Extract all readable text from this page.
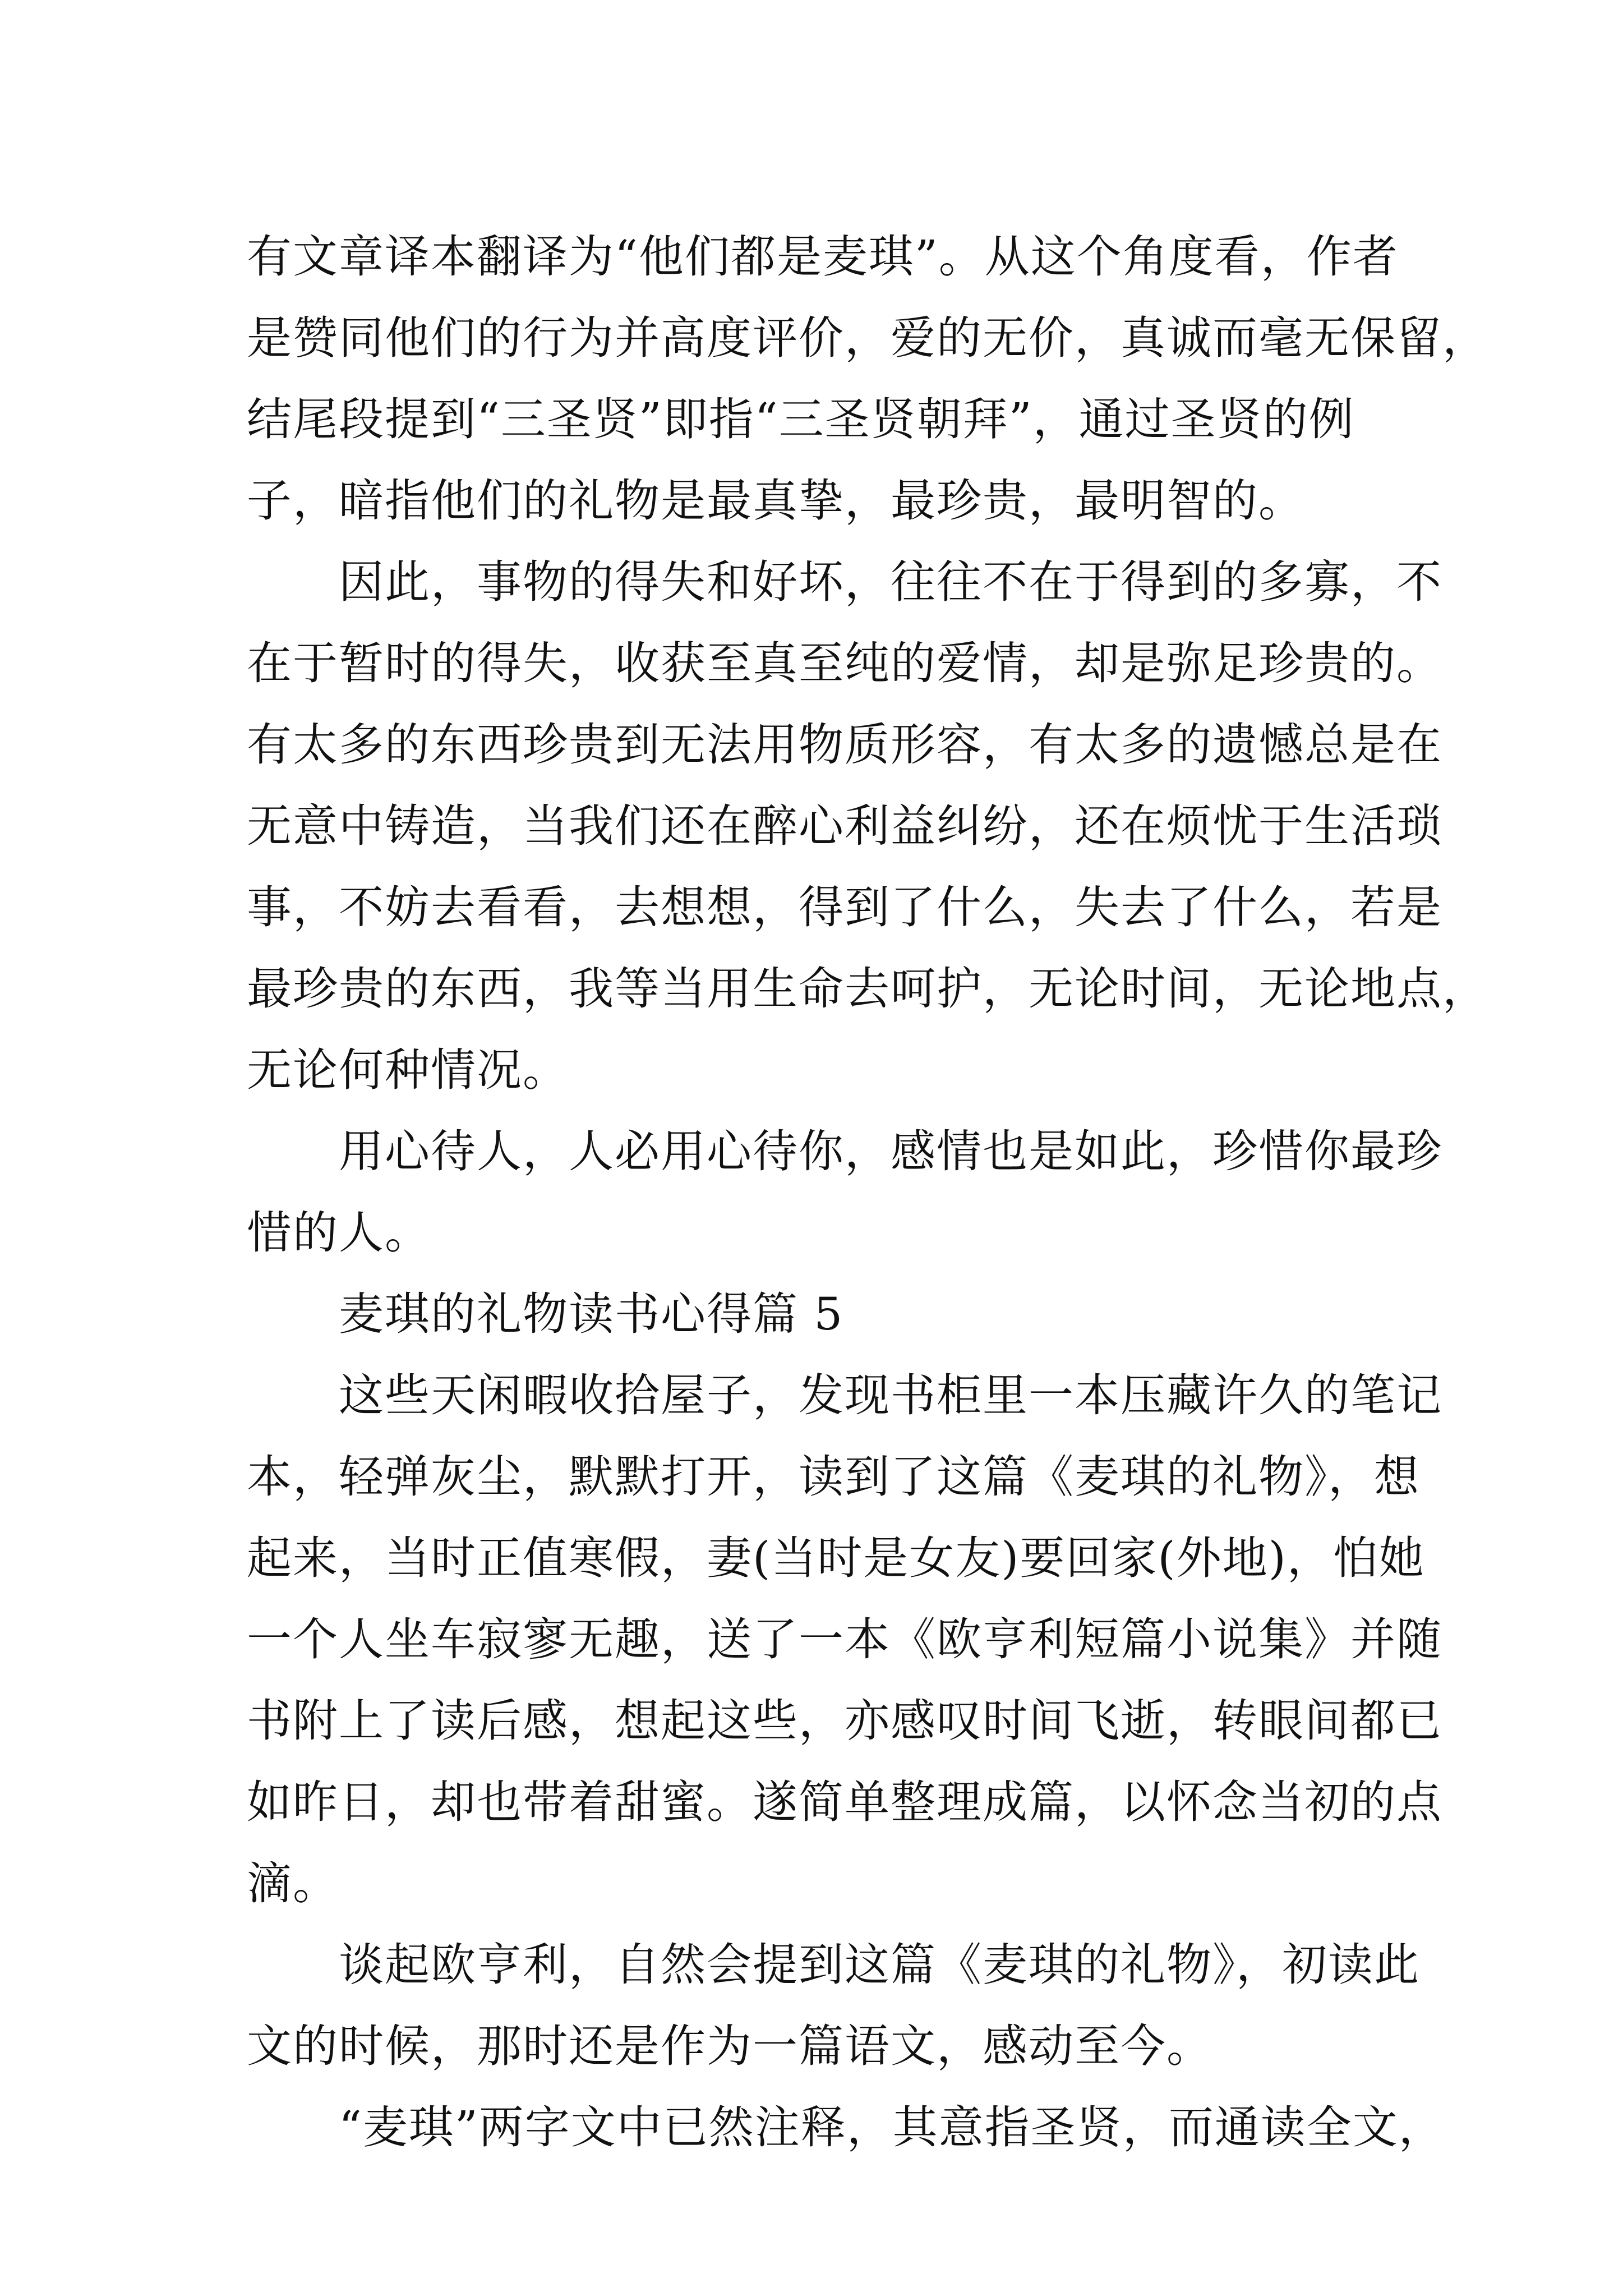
有文章译本翻译为“他们都是麦琪”。从这个角度看，作者
是赞同他们的行为并高度评价，爱的无价，真诚而毫无保留，
结尾段提到“三圣贤”即指“三圣贤朝拜”，通过圣贤的例
子，暗指他们的礼物是最真挚，最珍贵，最明智的。
　　因此，事物的得失和好坏，往往不在于得到的多寡，不
在于暂时的得失，收获至真至纯的爱情，却是弥足珍贵的。
有太多的东西珍贵到无法用物质形容，有太多的遗憾总是在
无意中铸造，当我们还在醉心利益纠纷，还在烦忧于生活琐
事，不妨去看看，去想想，得到了什么，失去了什么，若是
最珍贵的东西，我等当用生命去呵护，无论时间，无论地点，
无论何种情况。
　　用心待人，人必用心待你，感情也是如此，珍惜你最珍
惜的人。
　　麦琪的礼物读书心得篇 5
　　这些天闲暇收拾屋子，发现书柜里一本压藏许久的笔记
本，轻弹灰尘，默默打开，读到了这篇《麦琪的礼物》，想
起来，当时正值寒假，妻(当时是女友)要回家(外地)，怕她
一个人坐车寂寥无趣，送了一本《欧亨利短篇小说集》并随
书附上了读后感，想起这些，亦感叹时间飞逝，转眼间都已
如昨日，却也带着甜蜜。遂简单整理成篇，以怀念当初的点
滴。
　　谈起欧亨利，自然会提到这篇《麦琪的礼物》，初读此
文的时候，那时还是作为一篇语文，感动至今。
　　“麦琪”两字文中已然注释，其意指圣贤，而通读全文，
